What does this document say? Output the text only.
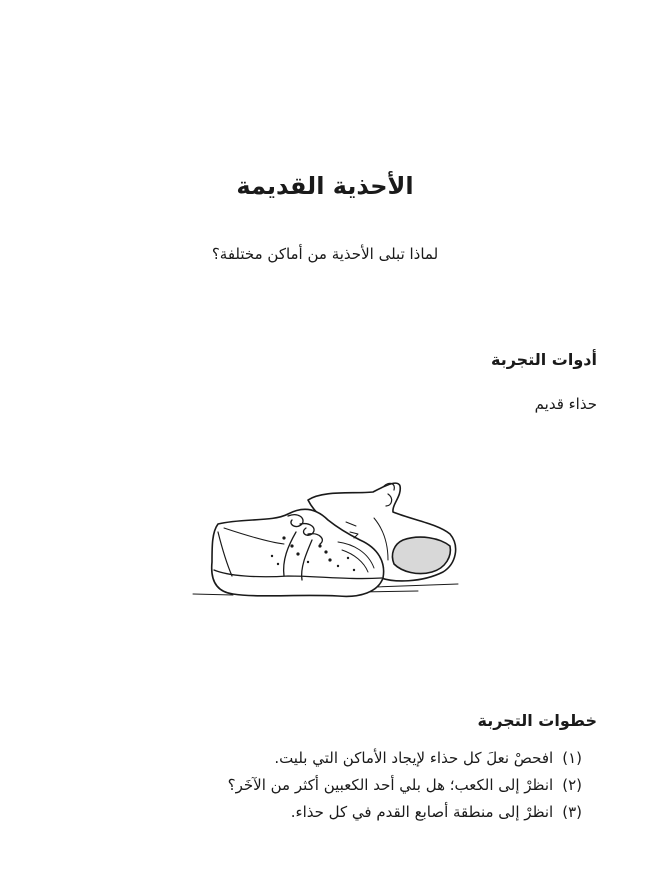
الأحذية القديمة
لماذا تبلى الأحذية من أماكن مختلفة؟
أدوات التجربة
حذاء قديم
خطوات التجربة
(١) افحصْ نعلَ كل حذاء لإيجاد الأماكن التي بليت.
(٢) انظرْ إلى الكعب؛ هل بلي أحد الكعبين أكثر من الآخَر؟
(٣) انظرْ إلى منطقة أصابع القدم في كل حذاء.
